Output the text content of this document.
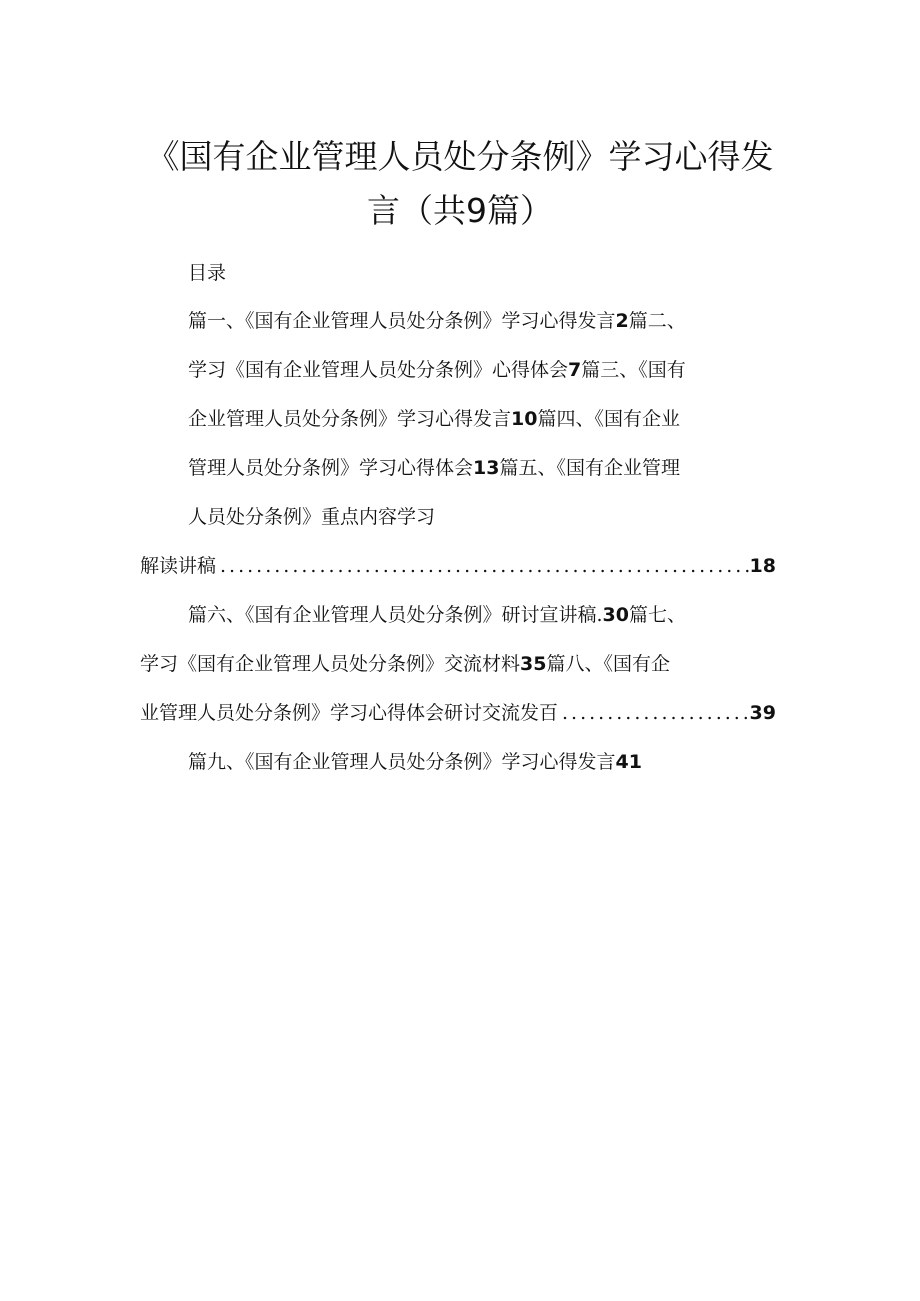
《国有企业管理人员处分条例》学习心得发言（共9篇）

目录

篇一、《国有企业管理人员处分条例》学习心得发言2篇二、
学习《国有企业管理人员处分条例》心得体会7篇三、《国有
企业管理人员处分条例》学习心得发言10篇四、《国有企业
管理人员处分条例》学习心得体会13篇五、《国有企业管理
人员处分条例》重点内容学习
解读讲稿 .....	18
篇六、《国有企业管理人员处分条例》研讨宣讲稿.30篇七、
学习《国有企业管理人员处分条例》交流材料35篇八、《国有企
业管理人员处分条例》学习心得体会研讨交流发百 .....	39
篇九、《国有企业管理人员处分条例》学习心得发言41
